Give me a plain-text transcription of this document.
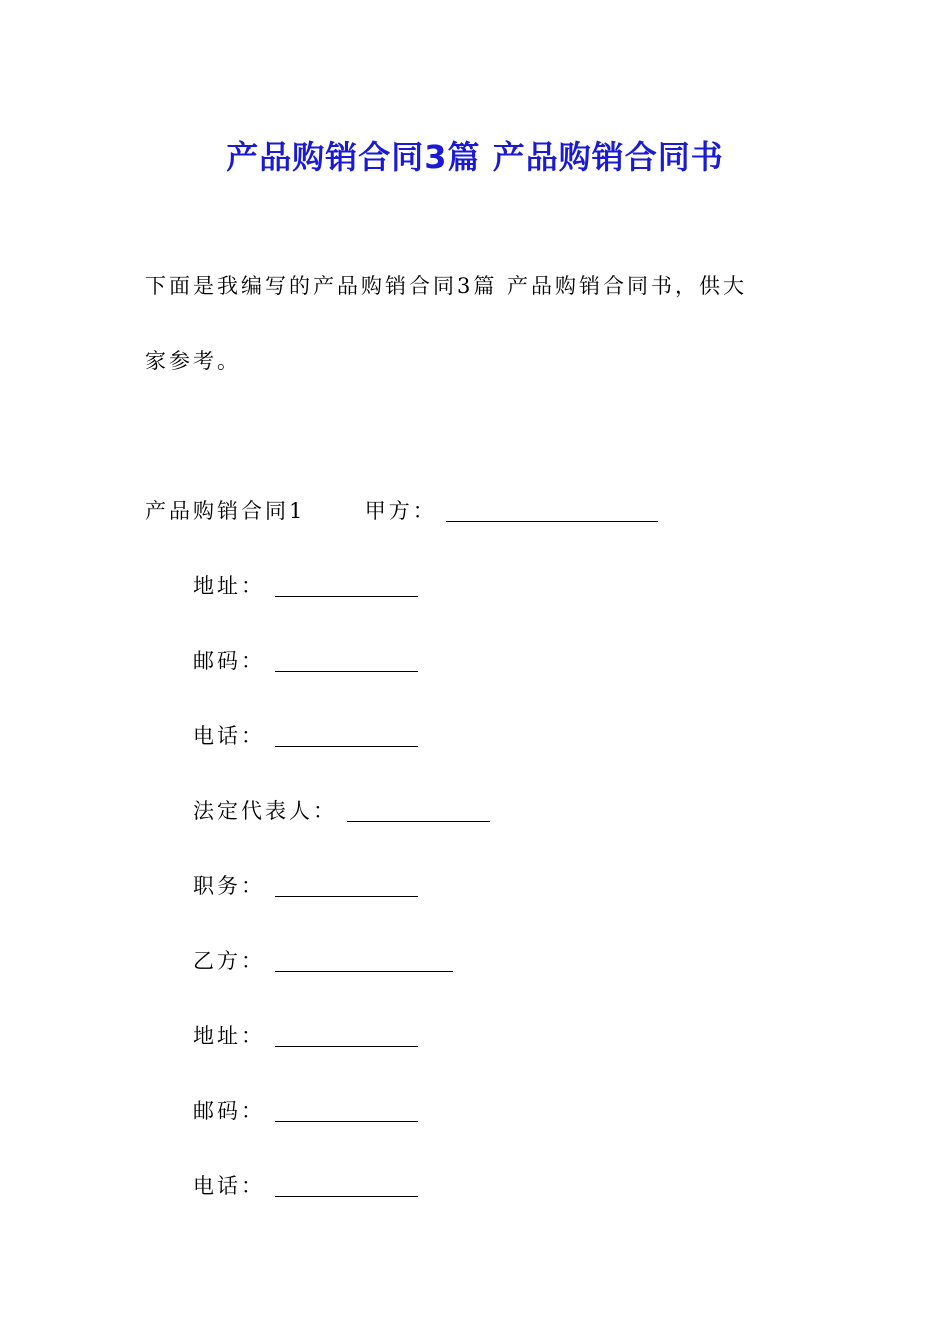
产品购销合同3篇 产品购销合同书

下面是我编写的产品购销合同3篇 产品购销合同书，供大

家参考。

产品购销合同1	甲方：
地址：
邮码：
电话：
法定代表人：
职务：
乙方：
地址：
邮码：
电话：
